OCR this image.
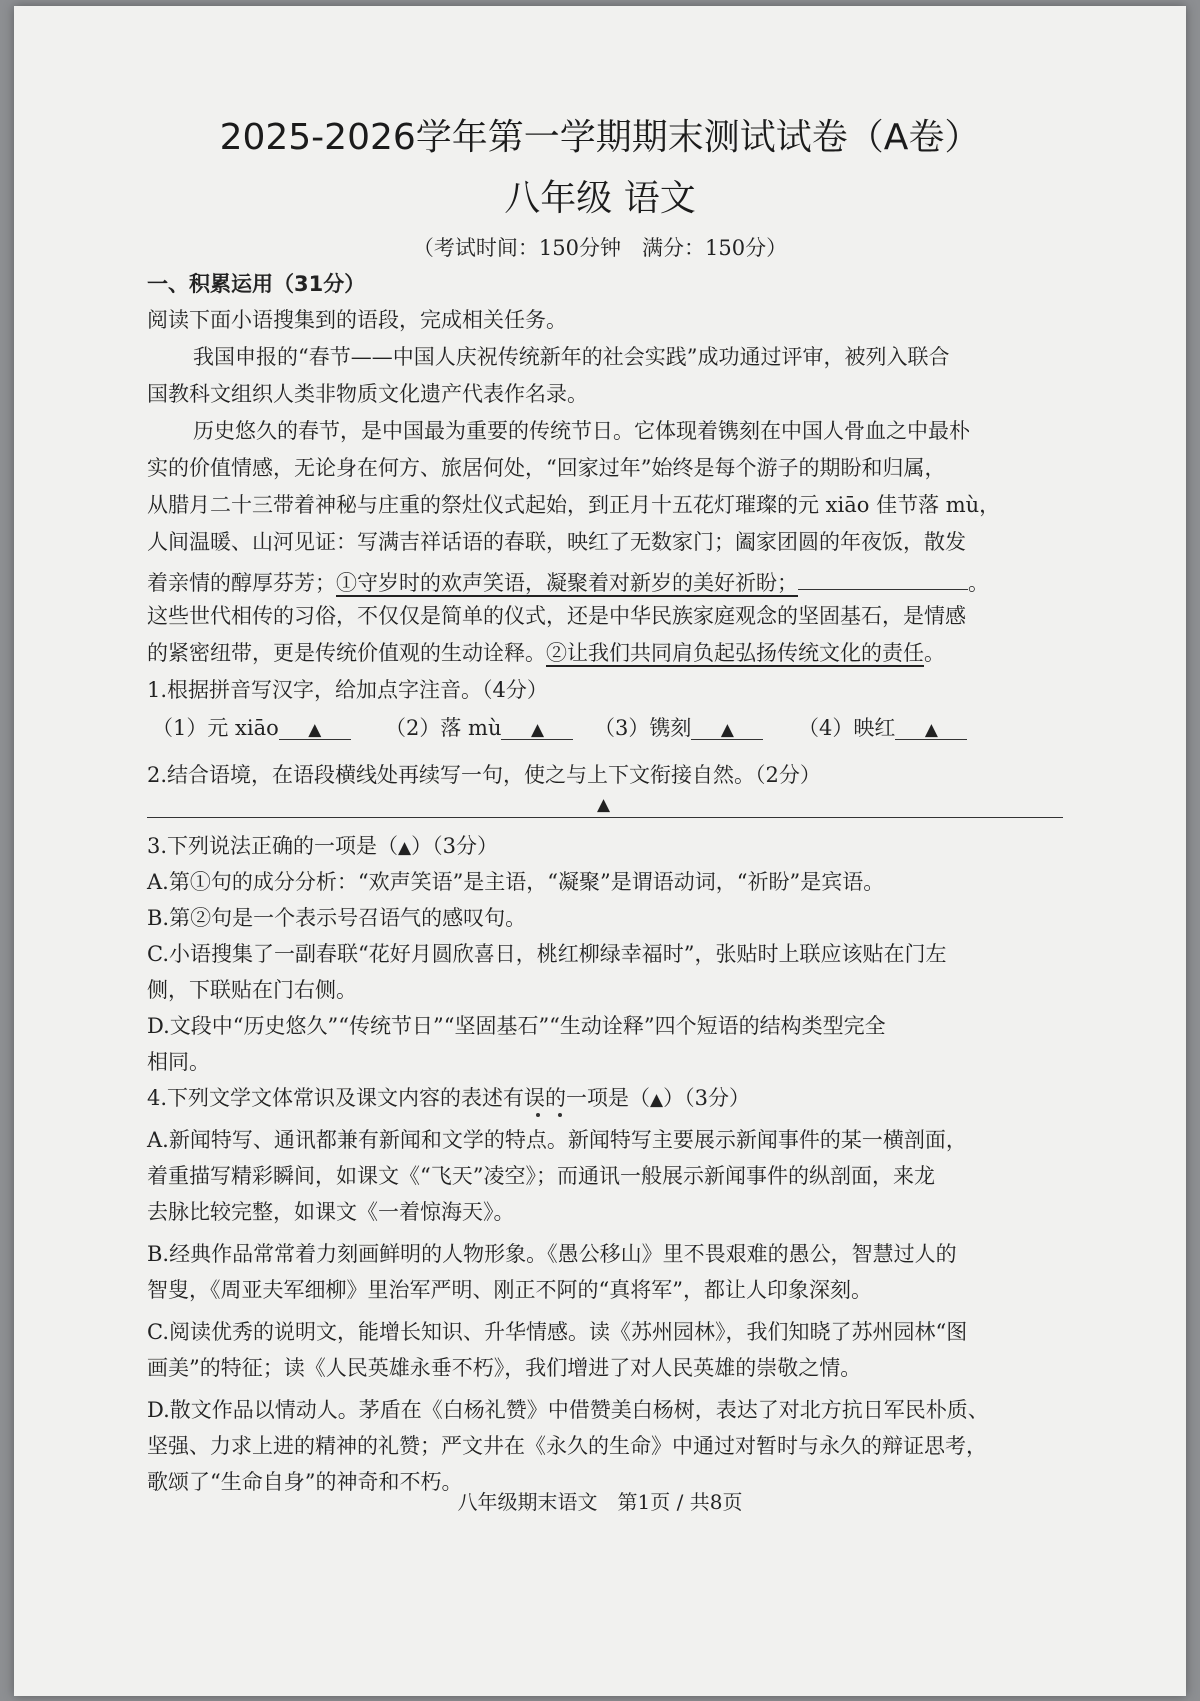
2025-2026学年第一学期期末测试试卷（A卷）
八年级 语文
（考试时间：150分钟　满分：150分）
一、积累运用（31分）
阅读下面小语搜集到的语段，完成相关任务。
我国申报的“春节——中国人庆祝传统新年的社会实践”成功通过评审，被列入联合
国教科文组织人类非物质文化遗产代表作名录。
历史悠久的春节，是中国最为重要的传统节日。它体现着镌刻在中国人骨血之中最朴
实的价值情感，无论身在何方、旅居何处，“回家过年”始终是每个游子的期盼和归属，
从腊月二十三带着神秘与庄重的祭灶仪式起始，到正月十五花灯璀璨的元 xiāo 佳节落 mù，
人间温暖、山河见证：写满吉祥话语的春联，映红了无数家门；阖家团圆的年夜饭，散发
着亲情的醇厚芬芳；①守岁时的欢声笑语，凝聚着对新岁的美好祈盼；	。
这些世代相传的习俗，不仅仅是简单的仪式，还是中华民族家庭观念的坚固基石，是情感
的紧密纽带，更是传统价值观的生动诠释。②让我们共同肩负起弘扬传统文化的责任。
1.根据拼音写汉字，给加点字注音。（4分）
（1）元 xiāo ▲	（2）落 mù ▲	（3）镌刻 ▲	（4）映红 ▲
2.结合语境，在语段横线处再续写一句，使之与上下文衔接自然。（2分）
▲
3.下列说法正确的一项是（▲）（3分）
A.第①句的成分分析：“欢声笑语”是主语，“凝聚”是谓语动词，“祈盼”是宾语。
B.第②句是一个表示号召语气的感叹句。
C.小语搜集了一副春联“花好月圆欣喜日，桃红柳绿幸福时”，张贴时上联应该贴在门左
侧，下联贴在门右侧。
D.文段中“历史悠久”“传统节日”“坚固基石”“生动诠释”四个短语的结构类型完全
相同。
4.下列文学文体常识及课文内容的表述有误的一项是（▲）（3分）
A.新闻特写、通讯都兼有新闻和文学的特点。新闻特写主要展示新闻事件的某一横剖面，
着重描写精彩瞬间，如课文《“飞天”凌空》；而通讯一般展示新闻事件的纵剖面，来龙
去脉比较完整，如课文《一着惊海天》。
B.经典作品常常着力刻画鲜明的人物形象。《愚公移山》里不畏艰难的愚公，智慧过人的
智叟，《周亚夫军细柳》里治军严明、刚正不阿的“真将军”，都让人印象深刻。
C.阅读优秀的说明文，能增长知识、升华情感。读《苏州园林》，我们知晓了苏州园林“图
画美”的特征；读《人民英雄永垂不朽》，我们增进了对人民英雄的崇敬之情。
D.散文作品以情动人。茅盾在《白杨礼赞》中借赞美白杨树，表达了对北方抗日军民朴质、
坚强、力求上进的精神的礼赞；严文井在《永久的生命》中通过对暂时与永久的辩证思考，
歌颂了“生命自身”的神奇和不朽。
八年级期末语文　第1页 / 共8页
